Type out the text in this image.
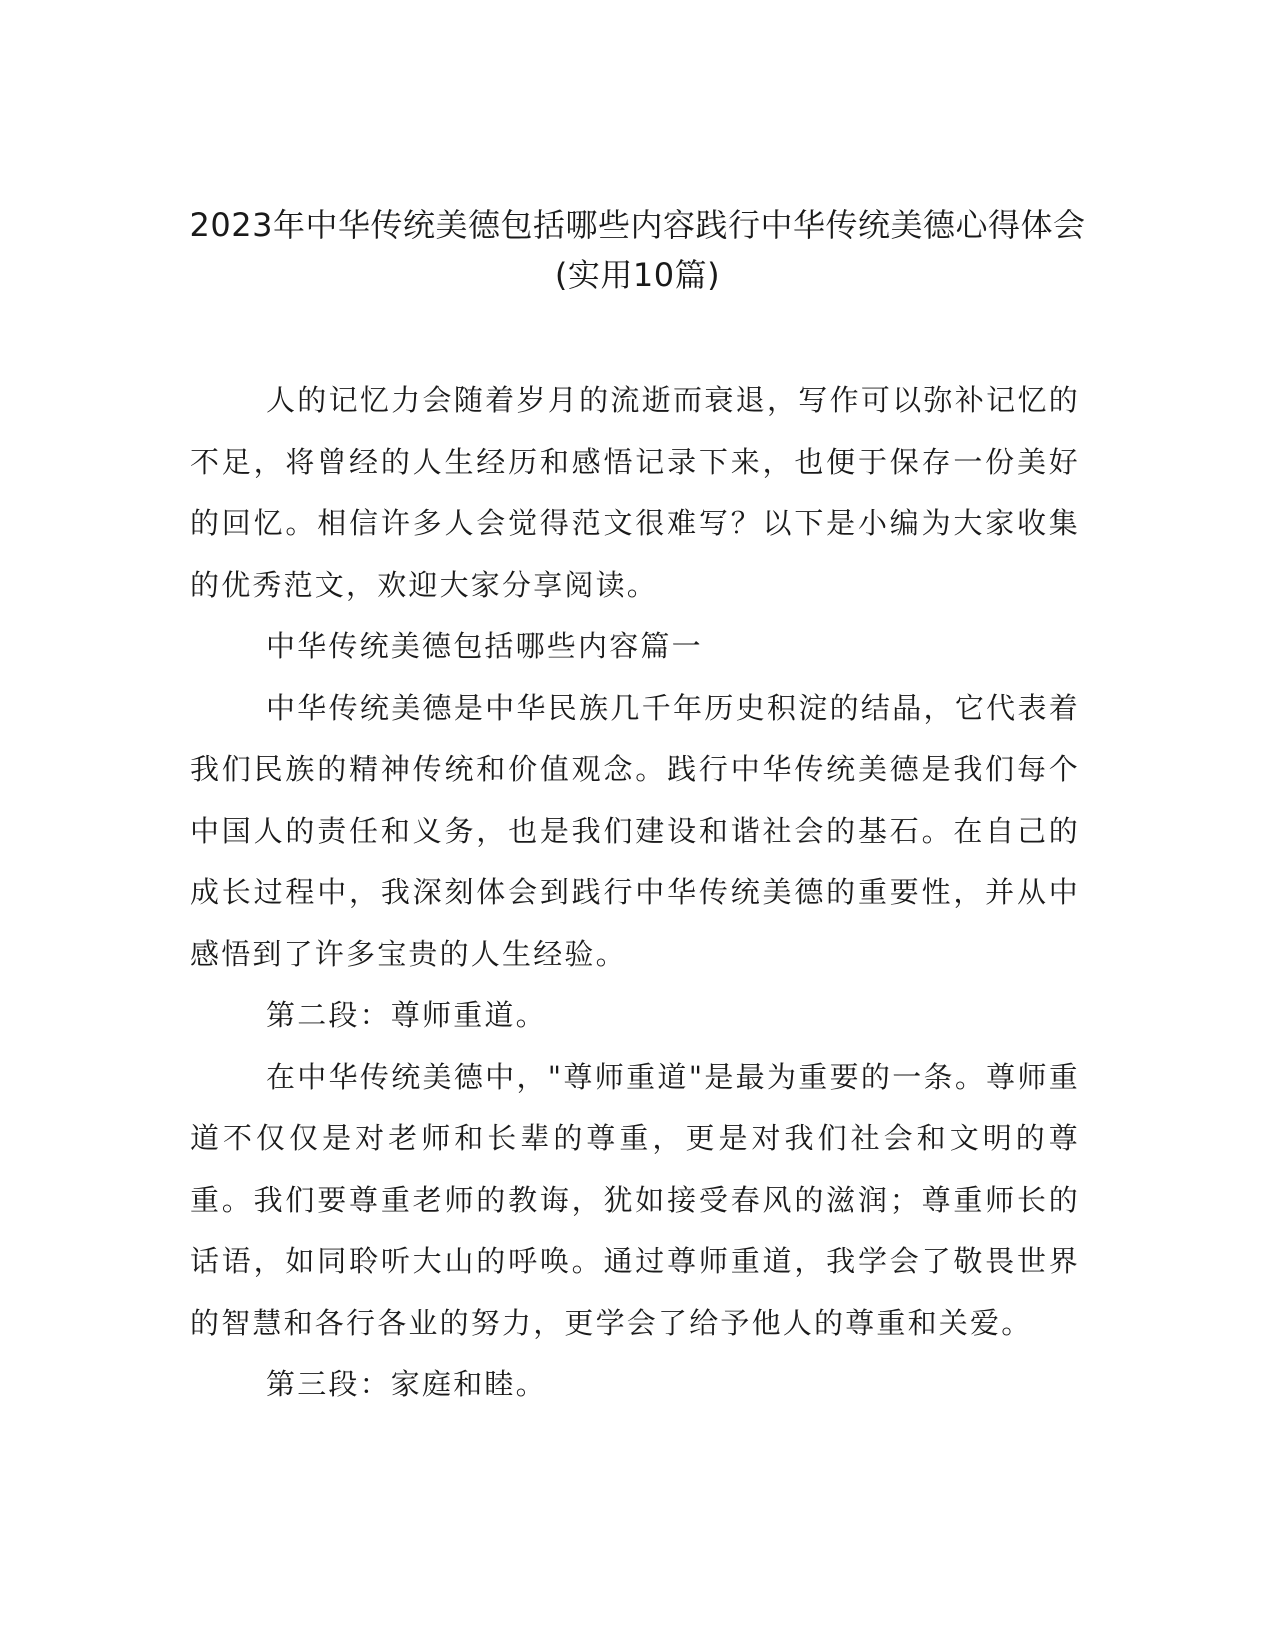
2023年中华传统美德包括哪些内容践行中华传统美德心得体会(实用10篇)

人的记忆力会随着岁月的流逝而衰退，写作可以弥补记忆的不足，将曾经的人生经历和感悟记录下来，也便于保存一份美好的回忆。相信许多人会觉得范文很难写？以下是小编为大家收集的优秀范文，欢迎大家分享阅读。

中华传统美德包括哪些内容篇一

中华传统美德是中华民族几千年历史积淀的结晶，它代表着我们民族的精神传统和价值观念。践行中华传统美德是我们每个中国人的责任和义务，也是我们建设和谐社会的基石。在自己的成长过程中，我深刻体会到践行中华传统美德的重要性，并从中感悟到了许多宝贵的人生经验。

第二段：尊师重道。

在中华传统美德中，"尊师重道"是最为重要的一条。尊师重道不仅仅是对老师和长辈的尊重，更是对我们社会和文明的尊重。我们要尊重老师的教诲，犹如接受春风的滋润；尊重师长的话语，如同聆听大山的呼唤。通过尊师重道，我学会了敬畏世界的智慧和各行各业的努力，更学会了给予他人的尊重和关爱。

第三段：家庭和睦。
